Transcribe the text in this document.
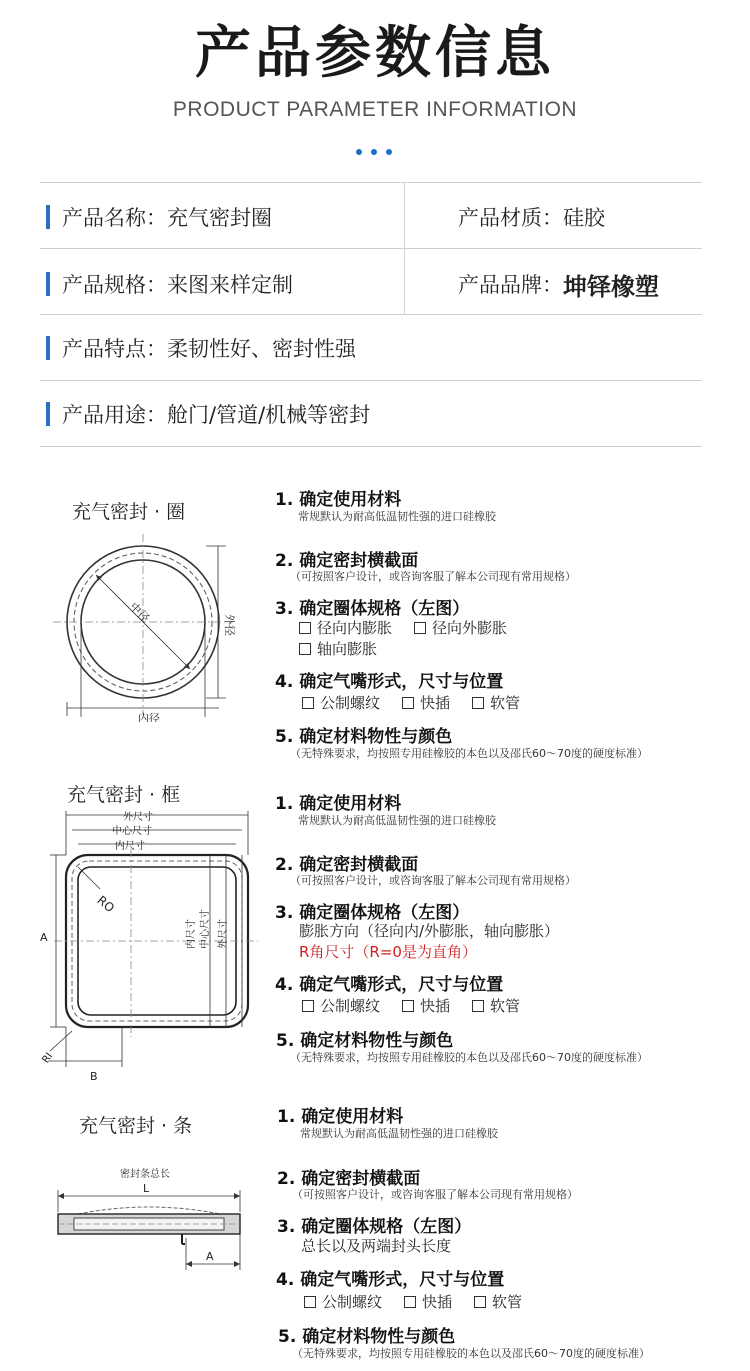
产品参数信息
PRODUCT PARAMETER INFORMATION
产品名称： 充气密封圈	产品材质： 硅胶
产品规格： 来图来样定制	产品品牌： 坤铎橡塑
产品特点： 柔韧性好、密封性强
产品用途： 舱门/管道/机械等密封
充气密封 · 圈
内径
中径
外径
1. 确定使用材料
常规默认为耐高低温韧性强的进口硅橡胶
2. 确定密封横截面
（可按照客户设计，或咨询客服了解本公司现有常用规格）
3. 确定圈体规格（左图）
径向内膨胀	径向外膨胀
轴向膨胀
4. 确定气嘴形式，尺寸与位置
公制螺纹	快插	软管
5. 确定材料物性与颜色
（无特殊要求，均按照专用硅橡胶的本色以及邵氏60～70度的硬度标准）
充气密封 · 框
外尺寸
中心尺寸
内尺寸
A
RO
内尺寸 中心尺寸 外尺寸
RI
B
1. 确定使用材料
常规默认为耐高低温韧性强的进口硅橡胶
2. 确定密封横截面
（可按照客户设计，或咨询客服了解本公司现有常用规格）
3. 确定圈体规格（左图）
膨胀方向（径向内/外膨胀，轴向膨胀）
R角尺寸（R=0是为直角）
4. 确定气嘴形式，尺寸与位置
公制螺纹	快插	软管
5. 确定材料物性与颜色
（无特殊要求，均按照专用硅橡胶的本色以及邵氏60～70度的硬度标准）
充气密封 · 条
密封条总长
L
A
1. 确定使用材料
常规默认为耐高低温韧性强的进口硅橡胶
2. 确定密封横截面
（可按照客户设计，或咨询客服了解本公司现有常用规格）
3. 确定圈体规格（左图）
总长以及两端封头长度
4. 确定气嘴形式，尺寸与位置
公制螺纹	快插	软管
5. 确定材料物性与颜色
（无特殊要求，均按照专用硅橡胶的本色以及邵氏60～70度的硬度标准）
